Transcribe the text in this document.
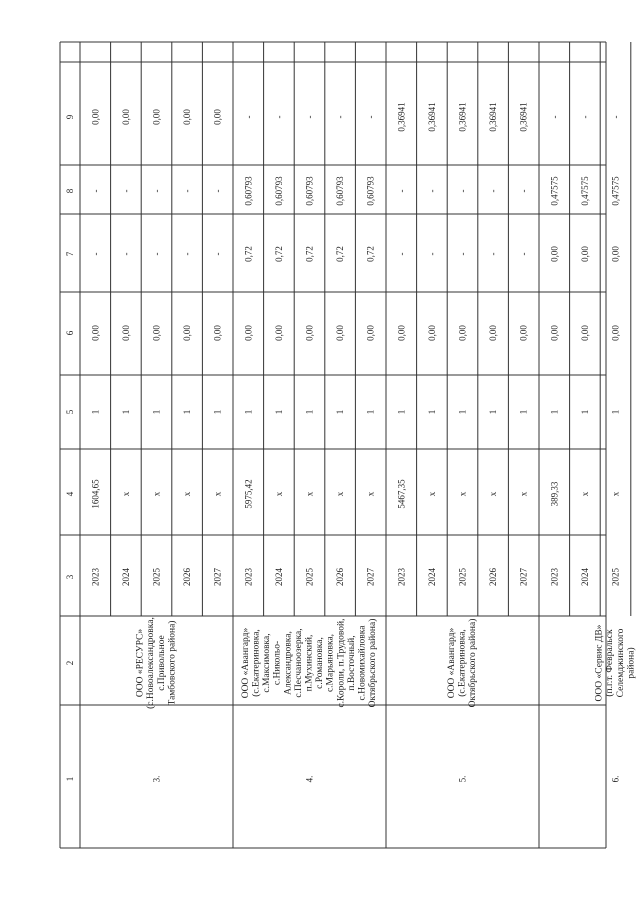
1
2
3
4
5
6
7
8
9
3.
ООО «РЕСУРС» (с.Новоалександровка, с.Привольное Тамбовского района)
2023
1604,65
1
0,00
-
-
0,00
2024
x
1
0,00
-
-
0,00
2025
x
1
0,00
-
-
0,00
2026
x
1
0,00
-
-
0,00
2027
x
1
0,00
-
-
0,00
4.
ООО «Авангард» (с.Екатериновка, с.Максимовка, с.Никольо- Александровка, с.Песчаноозерка, п.Мухинский, с.Романовка, с.Марьяновка, с.Короли, п.Трудовой, п.Восточный, с.Новомихайловка Октябрьского района)
2023
5975,42
1
0,00
0,72
0,60793
-
2024
x
1
0,00
0,72
0,60793
-
2025
x
1
0,00
0,72
0,60793
-
2026
x
1
0,00
0,72
0,60793
-
2027
x
1
0,00
0,72
0,60793
-
5.
ООО «Авангард» (с.Екатериновка, Октябрьского района)
2023
5467,35
1
0,00
-
-
0,36941
2024
x
1
0,00
-
-
0,36941
2025
x
1
0,00
-
-
0,36941
2026
x
1
0,00
-
-
0,36941
2027
x
1
0,00
-
-
0,36941
6.
ООО «Сервис ДВ» (п.г.т. Февральск Селемджинского района)
2023
389,33
1
0,00
0,00
0,47575
-
2024
x
1
0,00
0,00
0,47575
-
2025
x
1
0,00
0,00
0,47575
-
